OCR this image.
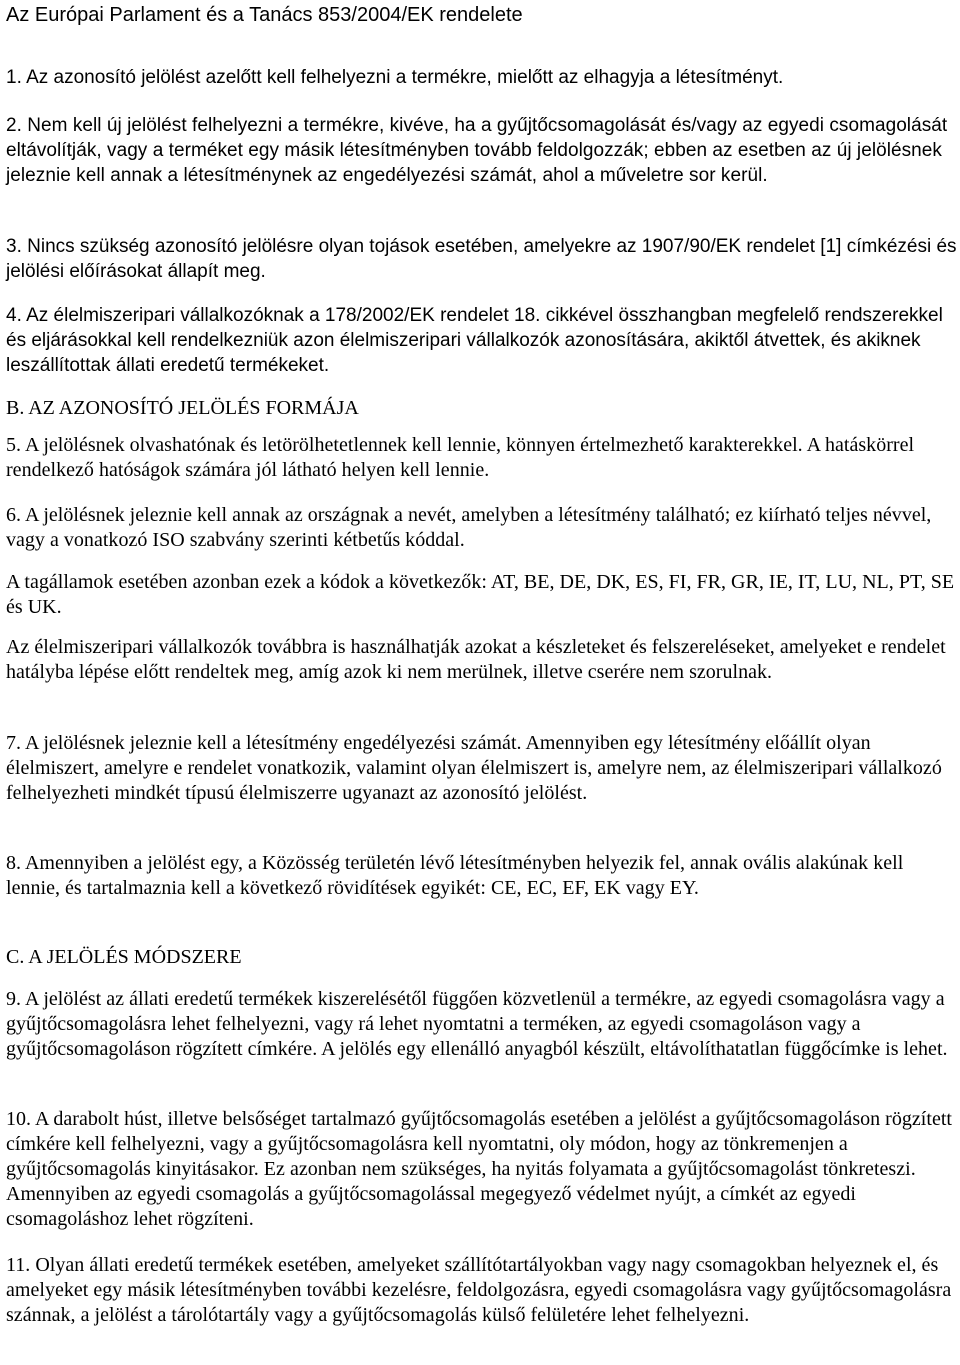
Az Európai Parlament és a Tanács 853/2004/EK rendelete

1. Az azonosító jelölést azelőtt kell felhelyezni a termékre, mielőtt az elhagyja a létesítményt.

2. Nem kell új jelölést felhelyezni a termékre, kivéve, ha a gyűjtőcsomagolását és/vagy az egyedi csomagolását eltávolítják, vagy a terméket egy másik létesítményben tovább feldolgozzák; ebben az esetben az új jelölésnek jeleznie kell annak a létesítménynek az engedélyezési számát, ahol a műveletre sor kerül.

3. Nincs szükség azonosító jelölésre olyan tojások esetében, amelyekre az 1907/90/EK rendelet [1] címkézési és jelölési előírásokat állapít meg.

4. Az élelmiszeripari vállalkozóknak a 178/2002/EK rendelet 18. cikkével összhangban megfelelő rendszerekkel és eljárásokkal kell rendelkezniük azon élelmiszeripari vállalkozók azonosítására, akiktől átvettek, és akiknek leszállítottak állati eredetű termékeket.

B. AZ AZONOSÍTÓ JELÖLÉS FORMÁJA

5. A jelölésnek olvashatónak és letörölhetetlennek kell lennie, könnyen értelmezhető karakterekkel. A hatáskörrel rendelkező hatóságok számára jól látható helyen kell lennie.

6. A jelölésnek jeleznie kell annak az országnak a nevét, amelyben a létesítmény található; ez kiírható teljes névvel, vagy a vonatkozó ISO szabvány szerinti kétbetűs kóddal.

A tagállamok esetében azonban ezek a kódok a következők: AT, BE, DE, DK, ES, FI, FR, GR, IE, IT, LU, NL, PT, SE és UK.

Az élelmiszeripari vállalkozók továbbra is használhatják azokat a készleteket és felszereléseket, amelyeket e rendelet hatályba lépése előtt rendeltek meg, amíg azok ki nem merülnek, illetve cserére nem szorulnak.

7. A jelölésnek jeleznie kell a létesítmény engedélyezési számát. Amennyiben egy létesítmény előállít olyan élelmiszert, amelyre e rendelet vonatkozik, valamint olyan élelmiszert is, amelyre nem, az élelmiszeripari vállalkozó felhelyezheti mindkét típusú élelmiszerre ugyanazt az azonosító jelölést.

8. Amennyiben a jelölést egy, a Közösség területén lévő létesítményben helyezik fel, annak ovális alakúnak kell lennie, és tartalmaznia kell a következő rövidítések egyikét: CE, EC, EF, EK vagy EY.

C. A JELÖLÉS MÓDSZERE

9. A jelölést az állati eredetű termékek kiszerelésétől függően közvetlenül a termékre, az egyedi csomagolásra vagy a gyűjtőcsomagolásra lehet felhelyezni, vagy rá lehet nyomtatni a terméken, az egyedi csomagoláson vagy a gyűjtőcsomagoláson rögzített címkére. A jelölés egy ellenálló anyagból készült, eltávolíthatatlan függőcímke is lehet.

10. A darabolt húst, illetve belsőséget tartalmazó gyűjtőcsomagolás esetében a jelölést a gyűjtőcsomagoláson rögzített címkére kell felhelyezni, vagy a gyűjtőcsomagolásra kell nyomtatni, oly módon, hogy az tönkremenjen a gyűjtőcsomagolás kinyitásakor. Ez azonban nem szükséges, ha nyitás folyamata a gyűjtőcsomagolást tönkreteszi. Amennyiben az egyedi csomagolás a gyűjtőcsomagolással megegyező védelmet nyújt, a címkét az egyedi csomagoláshoz lehet rögzíteni.

11. Olyan állati eredetű termékek esetében, amelyeket szállítótartályokban vagy nagy csomagokban helyeznek el, és amelyeket egy másik létesítményben további kezelésre, feldolgozásra, egyedi csomagolásra vagy gyűjtőcsomagolásra szánnak, a jelölést a tárolótartály vagy a gyűjtőcsomagolás külső felületére lehet felhelyezni.
